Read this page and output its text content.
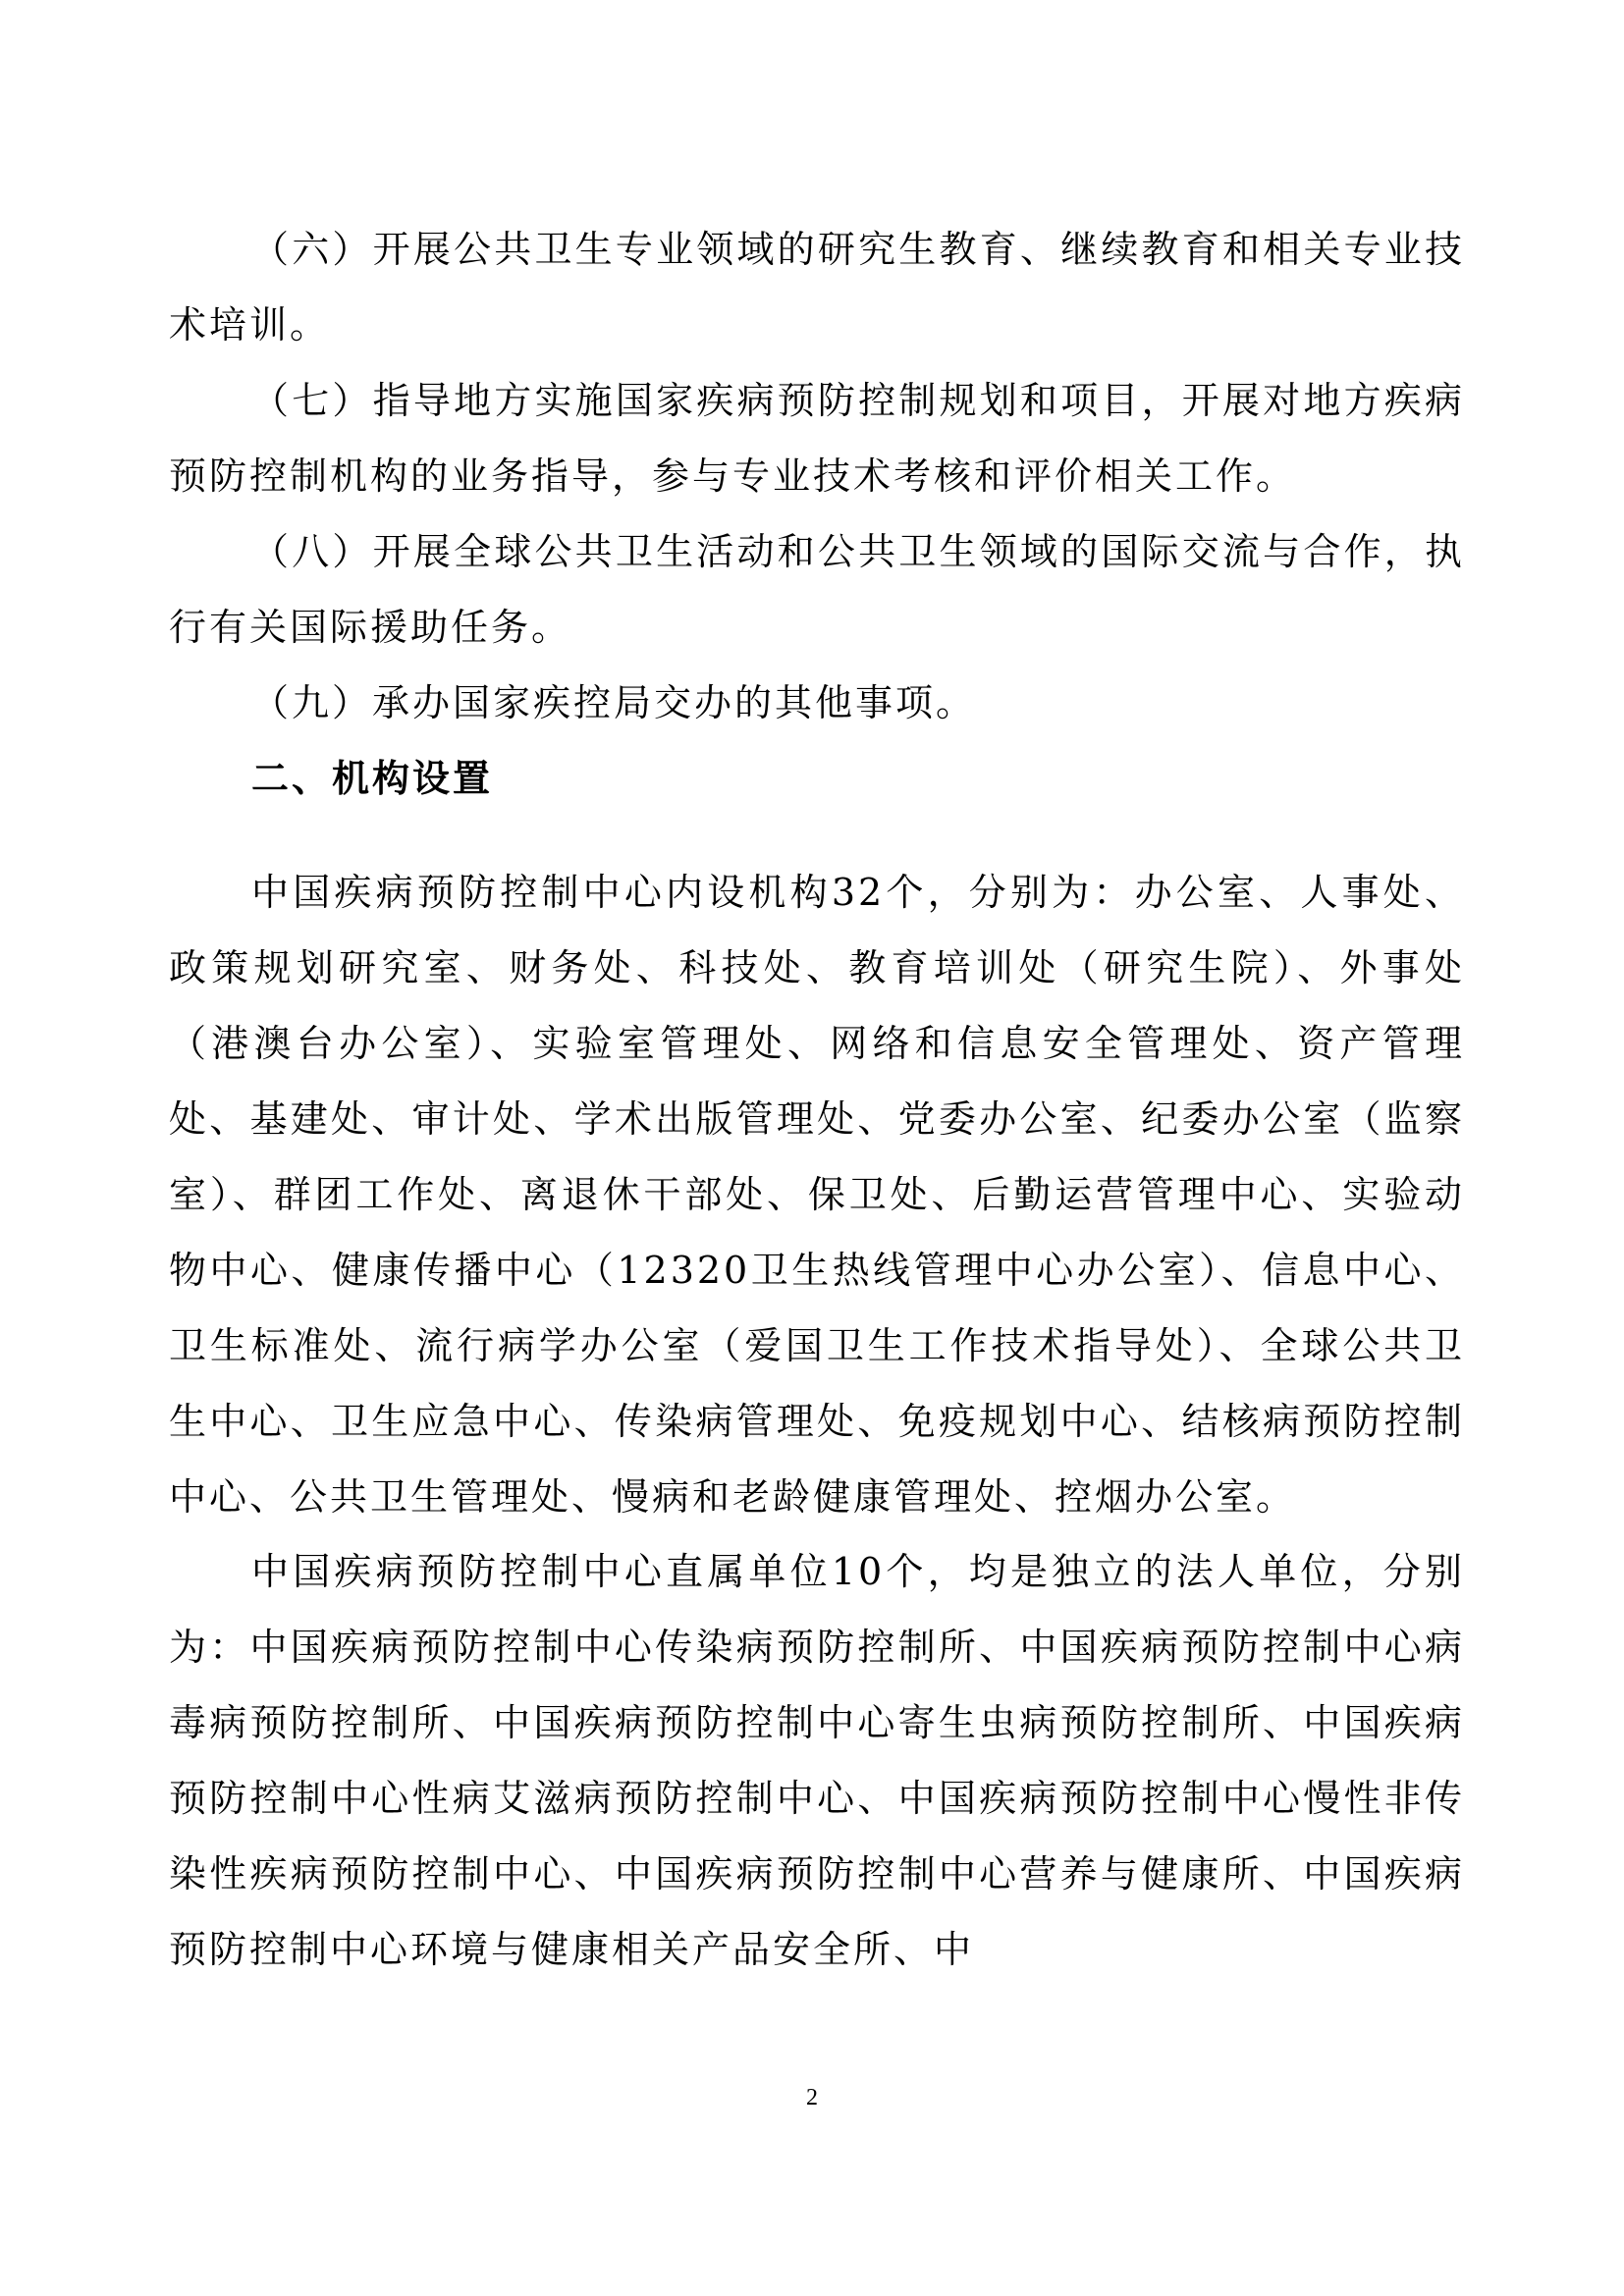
（六）开展公共卫生专业领域的研究生教育、继续教育和相关专业技术培训。

（七）指导地方实施国家疾病预防控制规划和项目，开展对地方疾病预防控制机构的业务指导，参与专业技术考核和评价相关工作。

（八）开展全球公共卫生活动和公共卫生领域的国际交流与合作，执行有关国际援助任务。

（九）承办国家疾控局交办的其他事项。

二、机构设置

中国疾病预防控制中心内设机构32个，分别为：办公室、人事处、政策规划研究室、财务处、科技处、教育培训处（研究生院）、外事处（港澳台办公室）、实验室管理处、网络和信息安全管理处、资产管理处、基建处、审计处、学术出版管理处、党委办公室、纪委办公室（监察室）、群团工作处、离退休干部处、保卫处、后勤运营管理中心、实验动物中心、健康传播中心（12320卫生热线管理中心办公室）、信息中心、卫生标准处、流行病学办公室（爱国卫生工作技术指导处）、全球公共卫生中心、卫生应急中心、传染病管理处、免疫规划中心、结核病预防控制中心、公共卫生管理处、慢病和老龄健康管理处、控烟办公室。

中国疾病预防控制中心直属单位10个，均是独立的法人单位，分别为：中国疾病预防控制中心传染病预防控制所、中国疾病预防控制中心病毒病预防控制所、中国疾病预防控制中心寄生虫病预防控制所、中国疾病预防控制中心性病艾滋病预防控制中心、中国疾病预防控制中心慢性非传染性疾病预防控制中心、中国疾病预防控制中心营养与健康所、中国疾病预防控制中心环境与健康相关产品安全所、中

2
